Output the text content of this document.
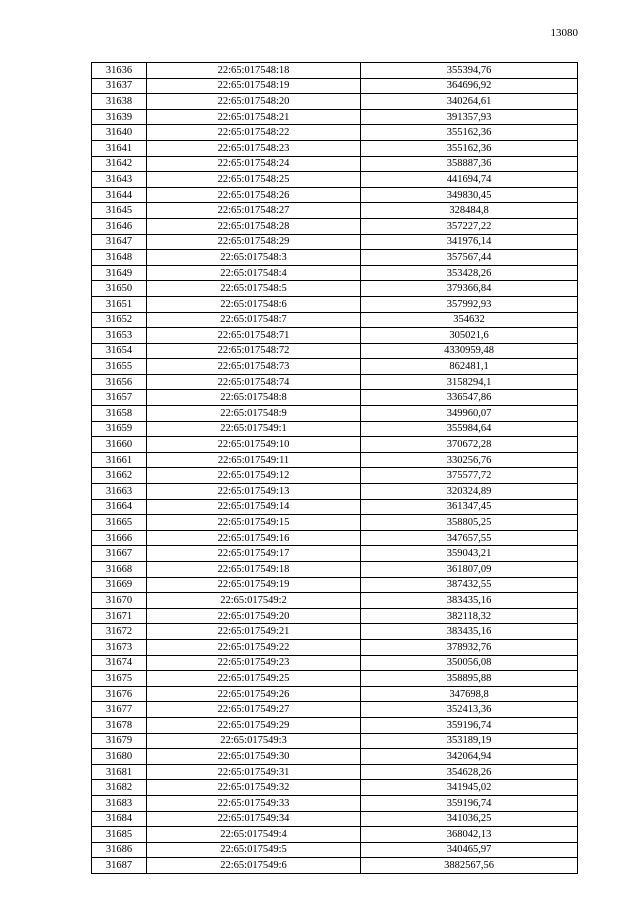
13080
31636	22:65:017548:18	355394,76
31637	22:65:017548:19	364696,92
31638	22:65:017548:20	340264,61
31639	22:65:017548:21	391357,93
31640	22:65:017548:22	355162,36
31641	22:65:017548:23	355162,36
31642	22:65:017548:24	358887,36
31643	22:65:017548:25	441694,74
31644	22:65:017548:26	349830,45
31645	22:65:017548:27	328484,8
31646	22:65:017548:28	357227,22
31647	22:65:017548:29	341976,14
31648	22:65:017548:3	357567,44
31649	22:65:017548:4	353428,26
31650	22:65:017548:5	379366,84
31651	22:65:017548:6	357992,93
31652	22:65:017548:7	354632
31653	22:65:017548:71	305021,6
31654	22:65:017548:72	4330959,48
31655	22:65:017548:73	862481,1
31656	22:65:017548:74	3158294,1
31657	22:65:017548:8	336547,86
31658	22:65:017548:9	349960,07
31659	22:65:017549:1	355984,64
31660	22:65:017549:10	370672,28
31661	22:65:017549:11	330256,76
31662	22:65:017549:12	375577,72
31663	22:65:017549:13	320324,89
31664	22:65:017549:14	361347,45
31665	22:65:017549:15	358805,25
31666	22:65:017549:16	347657,55
31667	22:65:017549:17	359043,21
31668	22:65:017549:18	361807,09
31669	22:65:017549:19	387432,55
31670	22:65:017549:2	383435,16
31671	22:65:017549:20	382118,32
31672	22:65:017549:21	383435,16
31673	22:65:017549:22	378932,76
31674	22:65:017549:23	350056,08
31675	22:65:017549:25	358895,88
31676	22:65:017549:26	347698,8
31677	22:65:017549:27	352413,36
31678	22:65:017549:29	359196,74
31679	22:65:017549:3	353189,19
31680	22:65:017549:30	342064,94
31681	22:65:017549:31	354628,26
31682	22:65:017549:32	341945,02
31683	22:65:017549:33	359196,74
31684	22:65:017549:34	341036,25
31685	22:65:017549:4	368042,13
31686	22:65:017549:5	340465,97
31687	22:65:017549:6	3882567,56
